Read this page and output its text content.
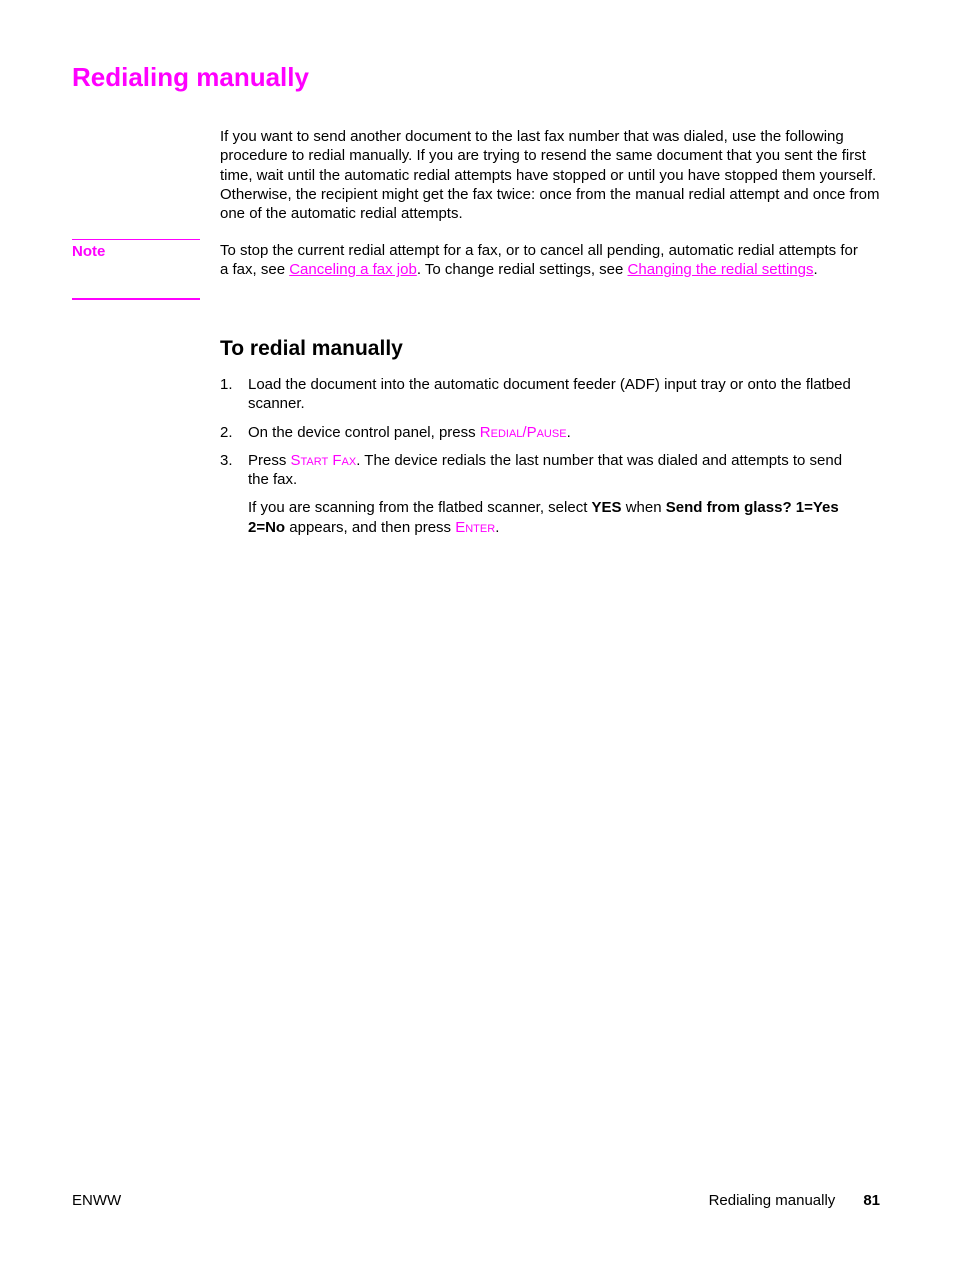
Redialing manually

If you want to send another document to the last fax number that was dialed, use the following procedure to redial manually. If you are trying to resend the same document that you sent the first time, wait until the automatic redial attempts have stopped or until you have stopped them yourself. Otherwise, the recipient might get the fax twice: once from the manual redial attempt and once from one of the automatic redial attempts.

Note	To stop the current redial attempt for a fax, or to cancel all pending, automatic redial attempts for a fax, see Canceling a fax job. To change redial settings, see Changing the redial settings.

To redial manually
1. Load the document into the automatic document feeder (ADF) input tray or onto the flatbed scanner.
2. On the device control panel, press Redial/Pause.
3. Press Start Fax. The device redials the last number that was dialed and attempts to send the fax.
If you are scanning from the flatbed scanner, select YES when Send from glass? 1=Yes 2=No appears, and then press Enter.
ENWW	Redialing manually 81
